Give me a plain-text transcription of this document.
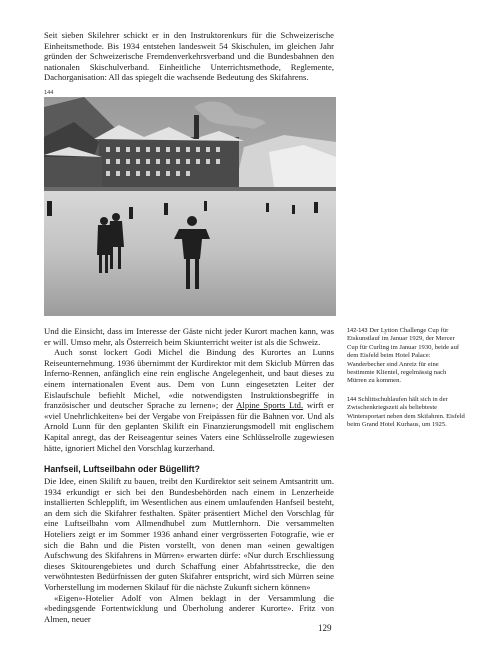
Seit sieben Skilehrer schickt er in den Instruktorenkurs für die Schweizerische Einheitsmethode. Bis 1934 entstehen landesweit 54 Skischulen, im gleichen Jahr gründen der Schweizerische Fremdenverkehrsverband und die Bundesbahnen den nationalen Skischulverband. Einheitliche Unterrichtsmethode, Reglemente, Dachorganisation: All das spiegelt die wachsende Bedeutung des Skifahrens.

144

Und die Einsicht, dass im Interesse der Gäste nicht jeder Kurort machen kann, was er will. Umso mehr, als Österreich beim Skiunterricht weiter ist als die Schweiz.

Auch sonst lockert Godi Michel die Bindung des Kurortes an Lunns Reiseunternehmung. 1936 übernimmt der Kurdirektor mit dem Skiclub Mürren das Inferno-Rennen, anfänglich eine rein englische Angelegenheit, und baut dieses zu einem internationalen Event aus. Dem von Lunn eingesetzten Leiter der Eislaufschule befiehlt Michel, «die notwendigsten Instruktionsbegriffe in französischer und deutscher Sprache zu lernen»; der Alpine Sports Ltd. wirft er «viel Unehrlichkeiten» bei der Vergabe von Freipässen für die Bahnen vor. Und als Arnold Lunn für den geplanten Skilift ein Finanzierungsmodell mit englischem Kapital anregt, das der Reiseagentur seines Vaters eine Schlüsselrolle zugewiesen hätte, ignoriert Michel den Vorschlag kurzerhand.

Hanfseil, Luftseilbahn oder Bügellift?

Die Idee, einen Skilift zu bauen, treibt den Kurdirektor seit seinem Amtsantritt um. 1934 erkundigt er sich bei den Bundesbehörden nach einem in Lenzerheide installierten Schlepplift, im Wesentlichen aus einem umlaufenden Hanfseil besteht, an dem sich die Skifahrer festhalten. Später präsentiert Michel den Vorschlag für eine Luftseilbahn vom Allmendhubel zum Muttlernhorn. Die versammelten Hoteliers zeigt er im Sommer 1936 anhand einer vergrösserten Fotografie, wie er sich die Bahn und die Pisten vorstellt, von denen man «einen gewaltigen Aufschwung des Skifahrens in Mürren» erwarten dürfe: «Nur durch Erschliessung dieses Skitourengebietes und durch Schaffung einer Abfahrtsstrecke, die den verwöhntesten Bedürfnissen der guten Skifahrer entspricht, wird sich Mürren seine Vorherstellung im modernen Skilauf für die nächste Zukunft sichern können»

«Eigen»-Hotelier Adolf von Almen beklagt in der Versammlung die «bedingsgende Fortentwicklung und Überholung anderer Kurorte». Fritz von Almen, neuer

142-143 Der Lytton Challenge Cup für Eiskunstlauf im Januar 1929, der Mercer Cup für Curling im Januar 1930, beide auf dem Eisfeld beim Hotel Palace: Wanderbecher sind Anreiz für eine bestimmte Klientel, regelmässig nach Mürren zu kommen.
144 Schlittschuhlaufen hält sich in der Zwischenkriegszeit als beliebteste Wintersportart neben dem Skifahren. Eisfeld beim Grand Hotel Kurhaus, um 1925.
129
